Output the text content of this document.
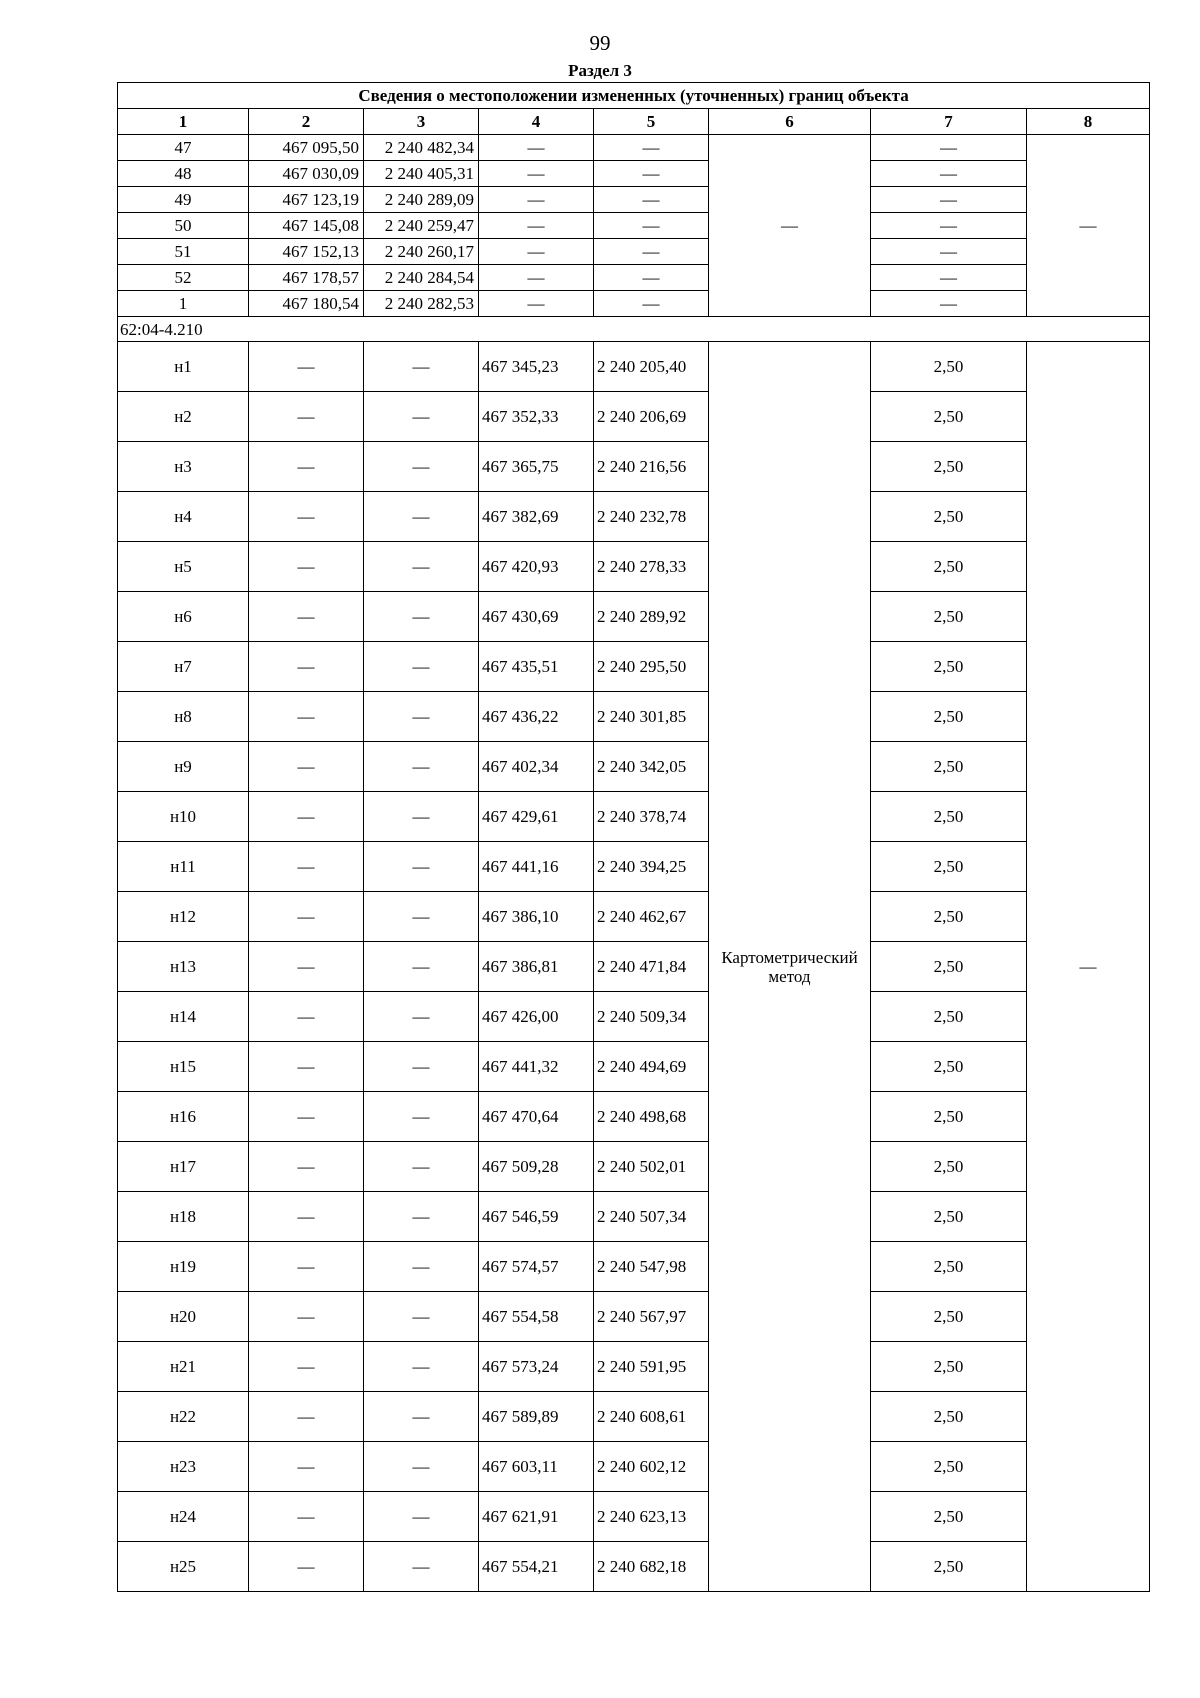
99
Раздел 3
Сведения о местоположении измененных (уточненных) границ объекта							
1	2	3	4	5	6	7	8
47	467 095,50	2 240 482,34	—	—	—	—	—
48	467 030,09	2 240 405,31	—	—		—	
49	467 123,19	2 240 289,09	—	—		—	
50	467 145,08	2 240 259,47	—	—		—	
51	467 152,13	2 240 260,17	—	—		—	
52	467 178,57	2 240 284,54	—	—		—	
1	467 180,54	2 240 282,53	—	—		—	
62:04-4.210							
н1	—	—	467 345,23	2 240 205,40	Картометрический метод	2,50	—
н2	—	—	467 352,33	2 240 206,69		2,50	
н3	—	—	467 365,75	2 240 216,56		2,50	
н4	—	—	467 382,69	2 240 232,78		2,50	
н5	—	—	467 420,93	2 240 278,33		2,50	
н6	—	—	467 430,69	2 240 289,92		2,50	
н7	—	—	467 435,51	2 240 295,50		2,50	
н8	—	—	467 436,22	2 240 301,85		2,50	
н9	—	—	467 402,34	2 240 342,05		2,50	
н10	—	—	467 429,61	2 240 378,74		2,50	
н11	—	—	467 441,16	2 240 394,25		2,50	
н12	—	—	467 386,10	2 240 462,67		2,50	
н13	—	—	467 386,81	2 240 471,84		2,50	
н14	—	—	467 426,00	2 240 509,34		2,50	
н15	—	—	467 441,32	2 240 494,69		2,50	
н16	—	—	467 470,64	2 240 498,68		2,50	
н17	—	—	467 509,28	2 240 502,01		2,50	
н18	—	—	467 546,59	2 240 507,34		2,50	
н19	—	—	467 574,57	2 240 547,98		2,50	
н20	—	—	467 554,58	2 240 567,97		2,50	
н21	—	—	467 573,24	2 240 591,95		2,50	
н22	—	—	467 589,89	2 240 608,61		2,50	
н23	—	—	467 603,11	2 240 602,12		2,50	
н24	—	—	467 621,91	2 240 623,13		2,50	
н25	—	—	467 554,21	2 240 682,18		2,50	
